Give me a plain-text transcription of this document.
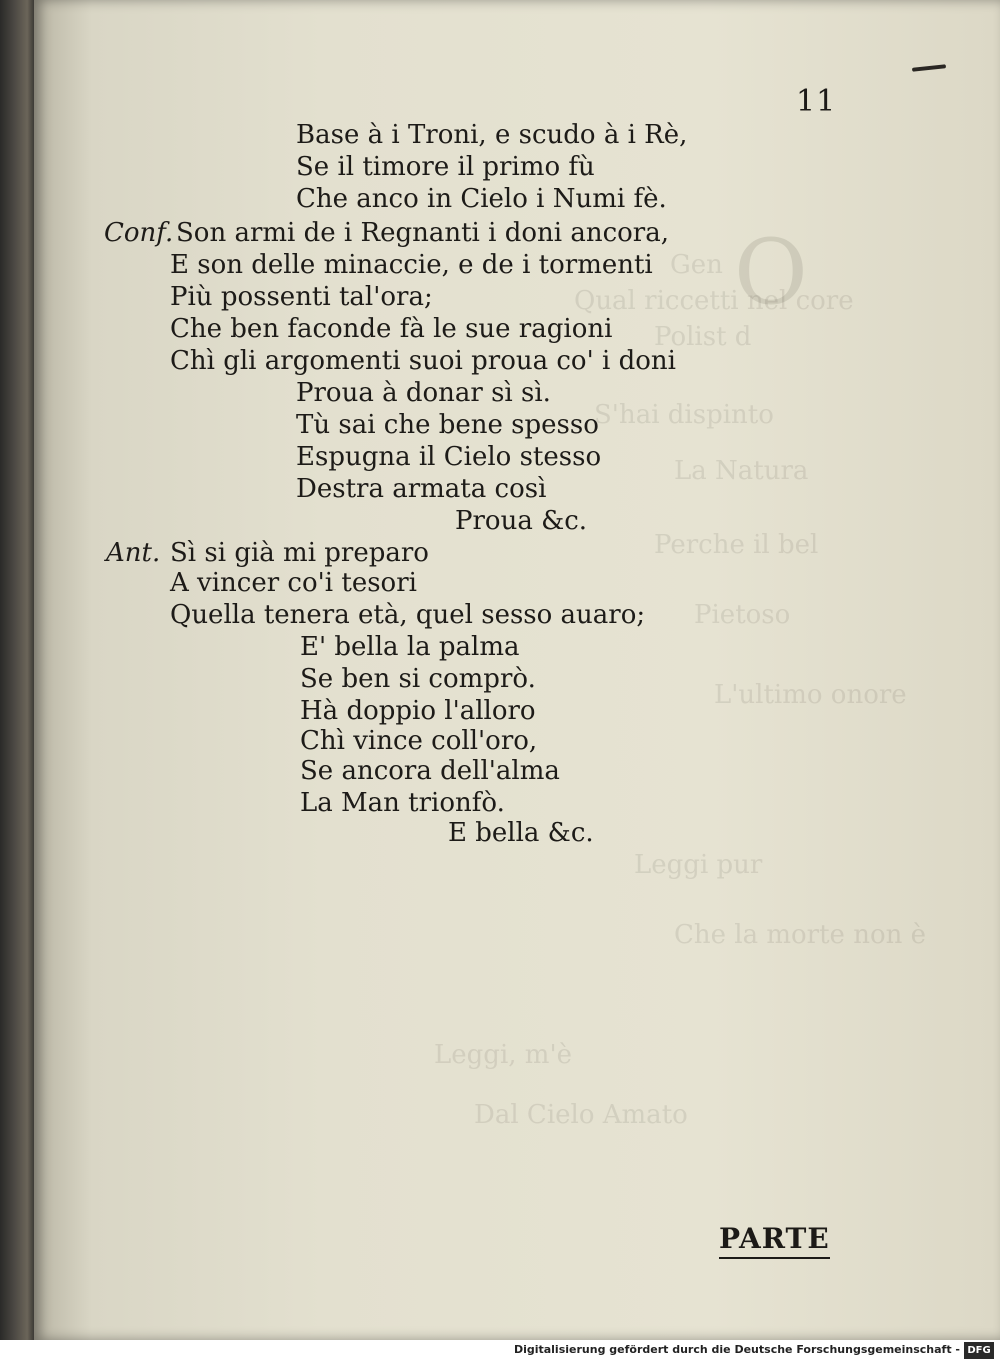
O
Gen
Qual riccetti nel core
Polist d
S'hai dispinto
La Natura
Perche il bel
Pietoso
L'ultimo onore
Leggi pur
Che la morte non è
Leggi, m'è
Dal Cielo Amato
11
Base à i Troni, e scudo à i Rè,
Se il timore il primo fù
Che anco in Cielo i Numi fè.
Conf. Son armi de i Regnanti i doni ancora,
E son delle minaccie, e de i tormenti
Più possenti tal'ora;
Che ben faconde fà le sue ragioni
Chì gli argomenti suoi proua co' i doni
Proua à donar sì sì.
Tù sai che bene spesso
Espugna il Cielo stesso
Destra armata così
Proua &c.
Ant. Sì si già mi preparo
A vincer co'i tesori
Quella tenera età, quel sesso auaro;
E' bella la palma
Se ben si comprò.
Hà doppio l'alloro
Chì vince coll'oro,
Se ancora dell'alma
La Man trionfò.
E bella &c.
PARTE
Digitalisierung gefördert durch die Deutsche Forschungsgemeinschaft - DFG
